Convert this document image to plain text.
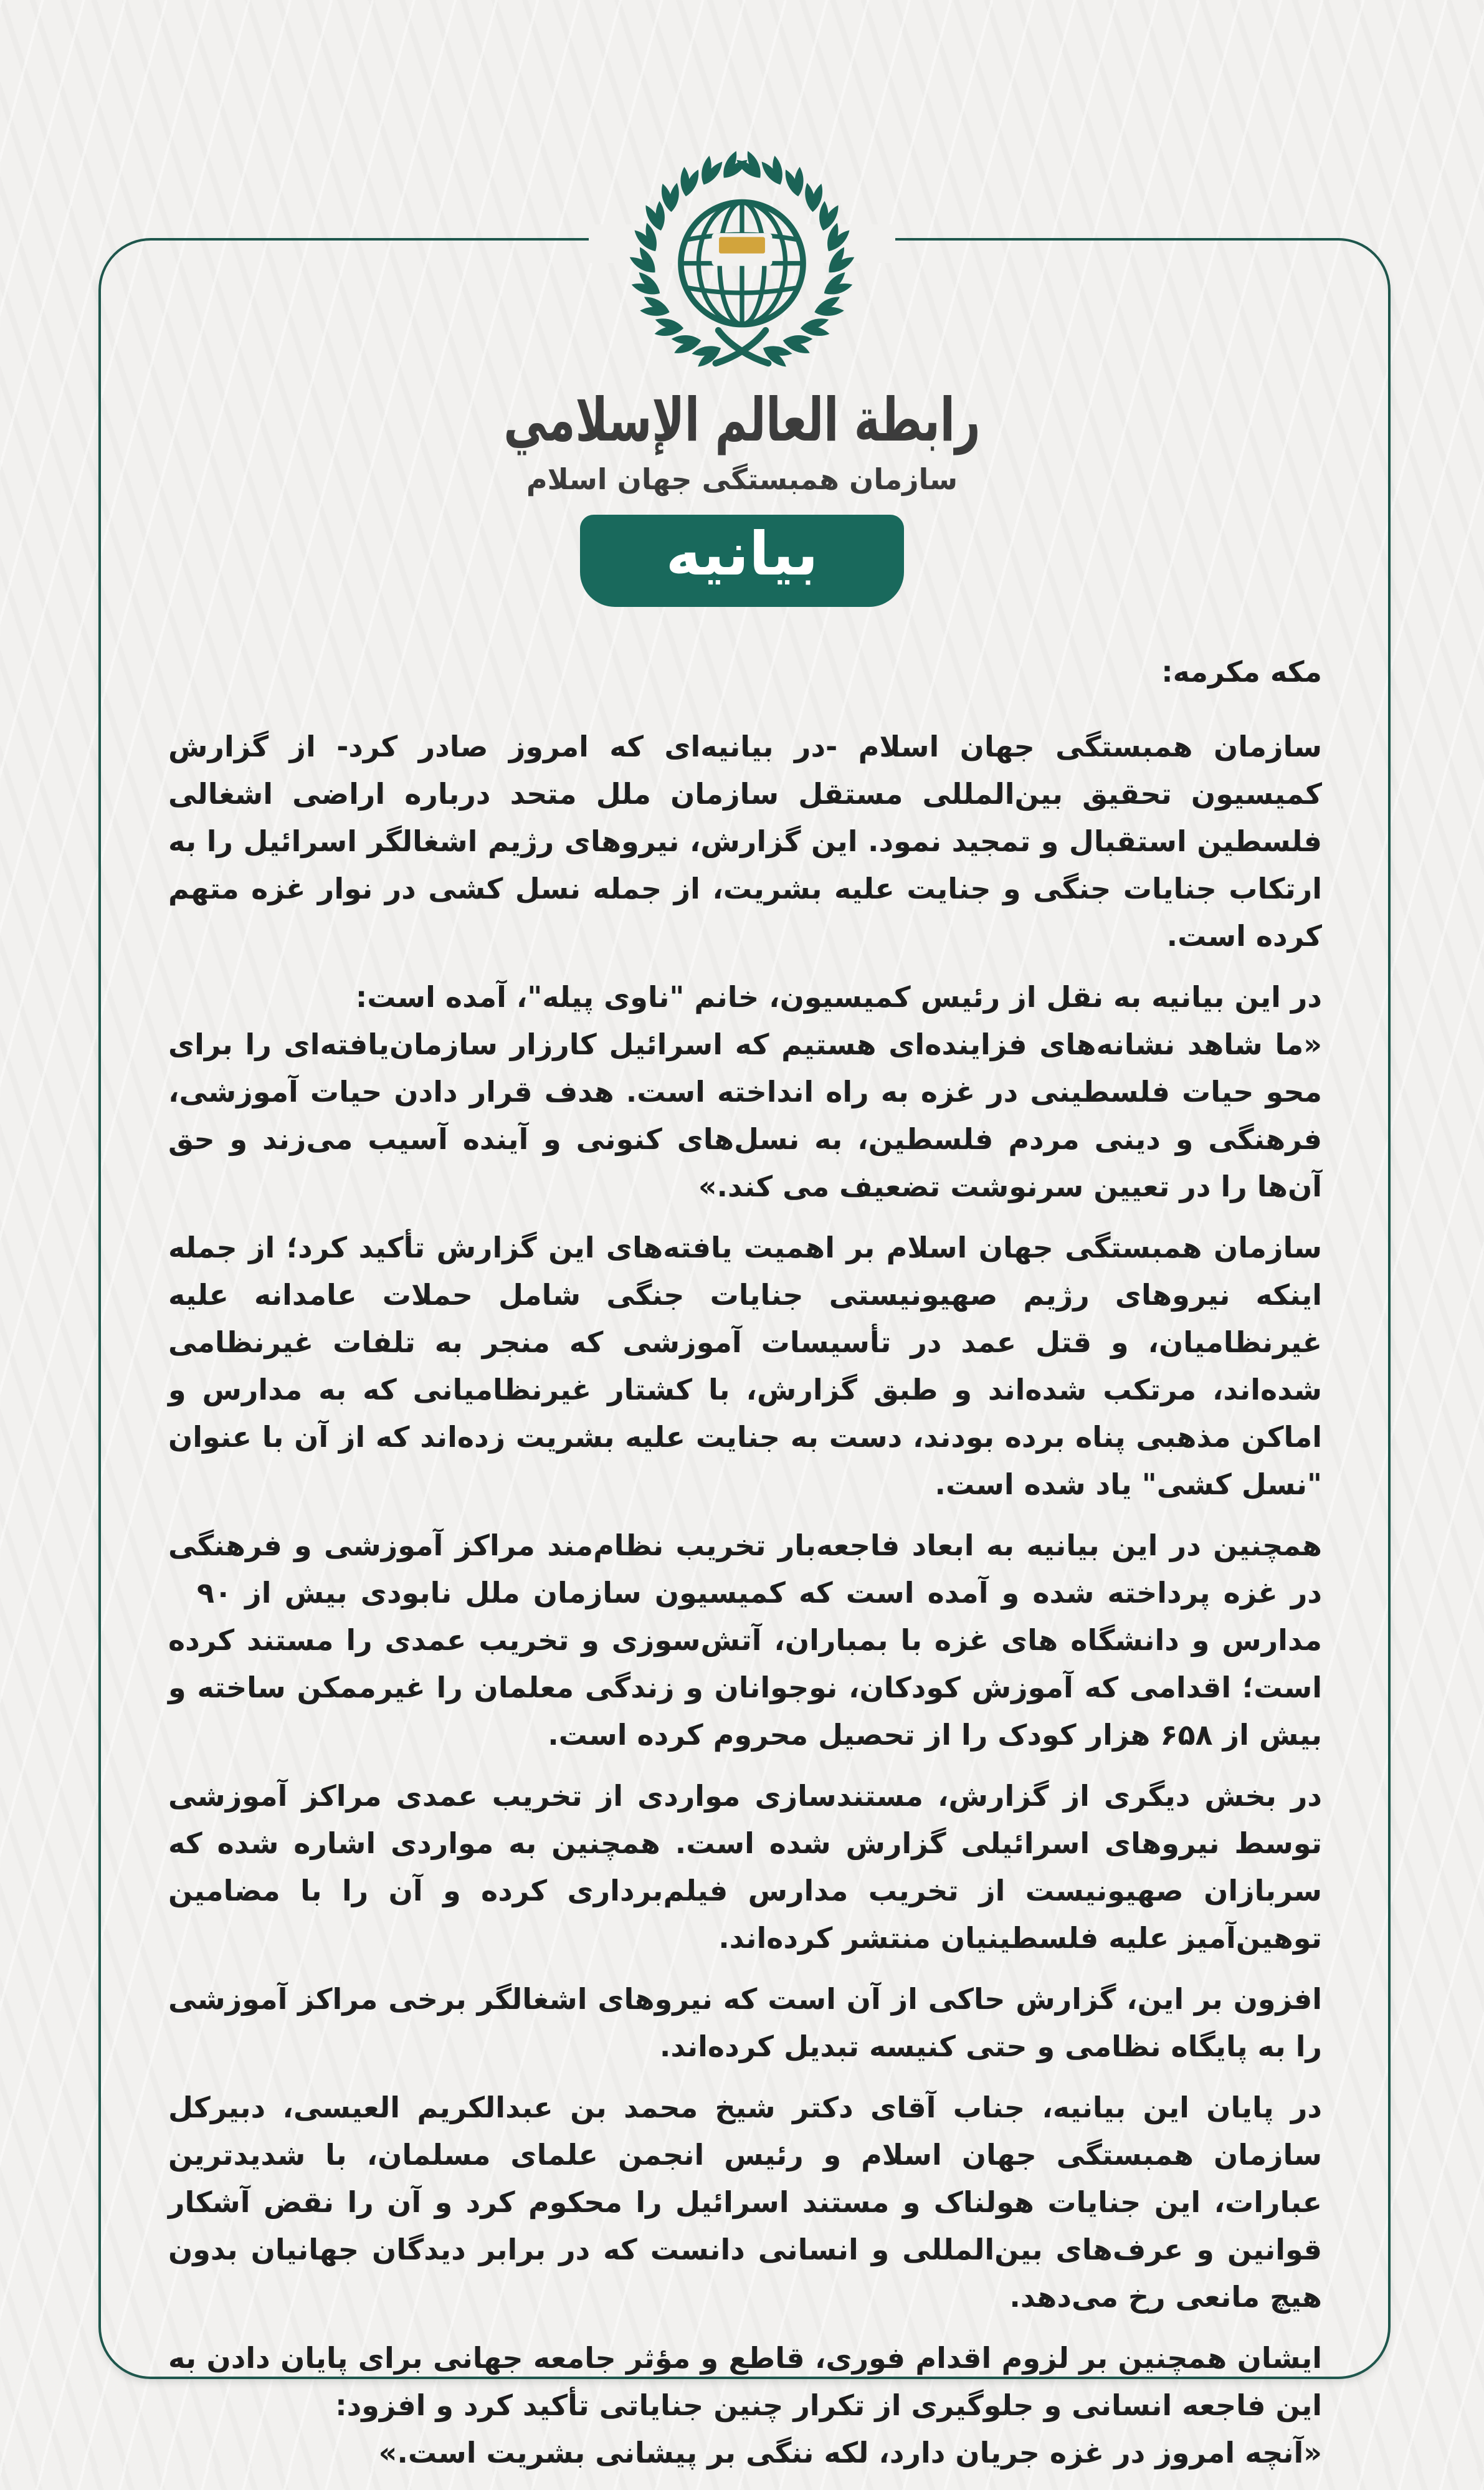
رابطة العالم الإسلامي
سازمان همبستگی جهان اسلام
بیانیه

مکه مکرمه:

سازمان همبستگی جهان اسلام -در بیانیه‌ای که امروز صادر کرد- از گزارش کمیسیون تحقیق بین‌المللی مستقل سازمان ملل متحد درباره اراضی اشغالی فلسطین استقبال و تمجید نمود. این گزارش، نیروهای رژیم اشغالگر اسرائیل را به ارتکاب جنایات جنگی و جنایت علیه بشریت، از جمله نسل کشی در نوار غزه متهم کرده است.

در این بیانیه به نقل از رئیس کمیسیون، خانم "ناوی پیله"، آمده است:

«ما شاهد نشانه‌های فزاینده‌ای هستیم که اسرائیل کارزار سازمان‌یافته‌ای را برای محو حیات فلسطینی در غزه به راه انداخته است. هدف قرار دادن حیات آموزشی، فرهنگی و دینی مردم فلسطین، به نسل‌های کنونی و آینده آسیب می‌زند و حق آن‌ها را در تعیین سرنوشت تضعیف می کند.»

سازمان همبستگی جهان اسلام بر اهمیت یافته‌های این گزارش تأکید کرد؛ از جمله اینکه نیروهای رژیم صهیونیستی جنایات جنگی شامل حملات عامدانه علیه غیرنظامیان، و قتل عمد در تأسیسات آموزشی که منجر به تلفات غیرنظامی شده‌اند، مرتکب شده‌اند و طبق گزارش، با کشتار غیرنظامیانی که به مدارس و اماکن مذهبی پناه برده بودند، دست به جنایت علیه بشریت زده‌اند که از آن با عنوان "نسل کشی" یاد شده است.

همچنین در این بیانیه به ابعاد فاجعه‌بار تخریب نظام‌مند مراکز آموزشی و فرهنگی در غزه پرداخته شده و آمده است که کمیسیون سازمان ملل نابودی بیش از ۹۰  مدارس و دانشگاه های غزه با بمباران، آتش‌سوزی و تخریب عمدی را مستند کرده است؛ اقدامی که آموزش کودکان، نوجوانان و زندگی معلمان را غیرممکن ساخته و بیش از ۶۵۸ هزار کودک را از تحصیل محروم کرده است.

در بخش دیگری از گزارش، مستندسازی مواردی از تخریب عمدی مراکز آموزشی توسط نیروهای اسرائیلی گزارش شده است. همچنین به مواردی اشاره شده که سربازان صهیونیست از تخریب مدارس فیلم‌برداری کرده و آن را با مضامین توهین‌آمیز علیه فلسطینیان منتشر کرده‌اند.

افزون بر این، گزارش حاکی از آن است که نیروهای اشغالگر برخی مراکز آموزشی را به پایگاه نظامی و حتی کنیسه تبدیل کرده‌اند.

در پایان این بیانیه، جناب آقای دکتر شیخ محمد بن عبدالکریم العیسی، دبیرکل سازمان همبستگی جهان اسلام و رئیس انجمن علمای مسلمان، با شدیدترین عبارات، این جنایات هولناک و مستند اسرائیل را محکوم کرد و آن را نقض آشکار قوانین و عرف‌های بین‌المللی و انسانی دانست که در برابر دیدگان جهانیان بدون هیچ مانعی رخ می‌دهد.

ایشان همچنین بر لزوم اقدام فوری، قاطع و مؤثر جامعه جهانی برای پایان دادن به این فاجعه انسانی و جلوگیری از تکرار چنین جنایاتی تأکید کرد و افزود:

«آنچه امروز در غزه جریان دارد، لکه ننگی بر پیشانی بشریت است.»
